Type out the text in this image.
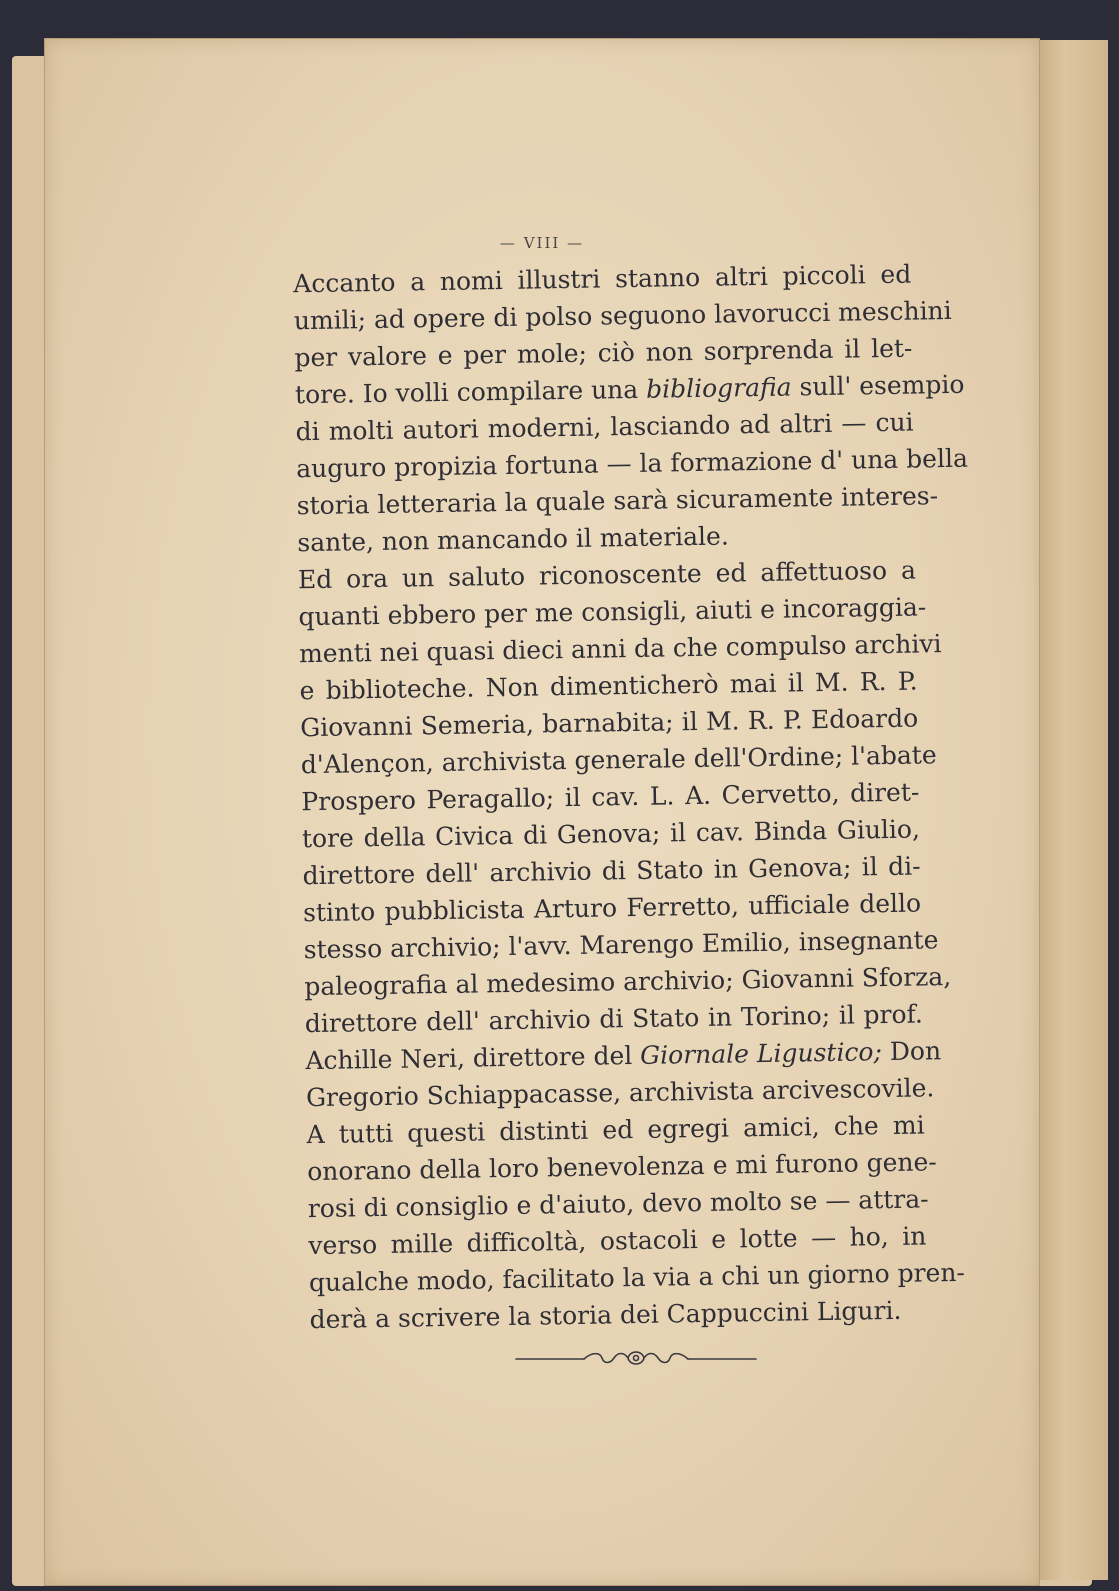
— VIII —
Accanto a nomi illustri stanno altri piccoli ed
umili; ad opere di polso seguono lavorucci meschini
per valore e per mole; ciò non sorprenda il let-
tore. Io volli compilare una bibliografia sull' esempio
di molti autori moderni, lasciando ad altri — cui
auguro propizia fortuna — la formazione d' una bella
storia letteraria la quale sarà sicuramente interes-
sante, non mancando il materiale.
Ed ora un saluto riconoscente ed affettuoso a
quanti ebbero per me consigli, aiuti e incoraggia-
menti nei quasi dieci anni da che compulso archivi
e biblioteche. Non dimenticherò mai il M. R. P.
Giovanni Semeria, barnabita; il M. R. P. Edoardo
d'Alençon, archivista generale dell'Ordine; l'abate
Prospero Peragallo; il cav. L. A. Cervetto, diret-
tore della Civica di Genova; il cav. Binda Giulio,
direttore dell' archivio di Stato in Genova; il di-
stinto pubblicista Arturo Ferretto, ufficiale dello
stesso archivio; l'avv. Marengo Emilio, insegnante
paleografia al medesimo archivio; Giovanni Sforza,
direttore dell' archivio di Stato in Torino; il prof.
Achille Neri, direttore del Giornale Ligustico; Don
Gregorio Schiappacasse, archivista arcivescovile.
A tutti questi distinti ed egregi amici, che mi
onorano della loro benevolenza e mi furono gene-
rosi di consiglio e d'aiuto, devo molto se — attra-
verso mille difficoltà, ostacoli e lotte — ho, in
qualche modo, facilitato la via a chi un giorno pren-
derà a scrivere la storia dei Cappuccini Liguri.
